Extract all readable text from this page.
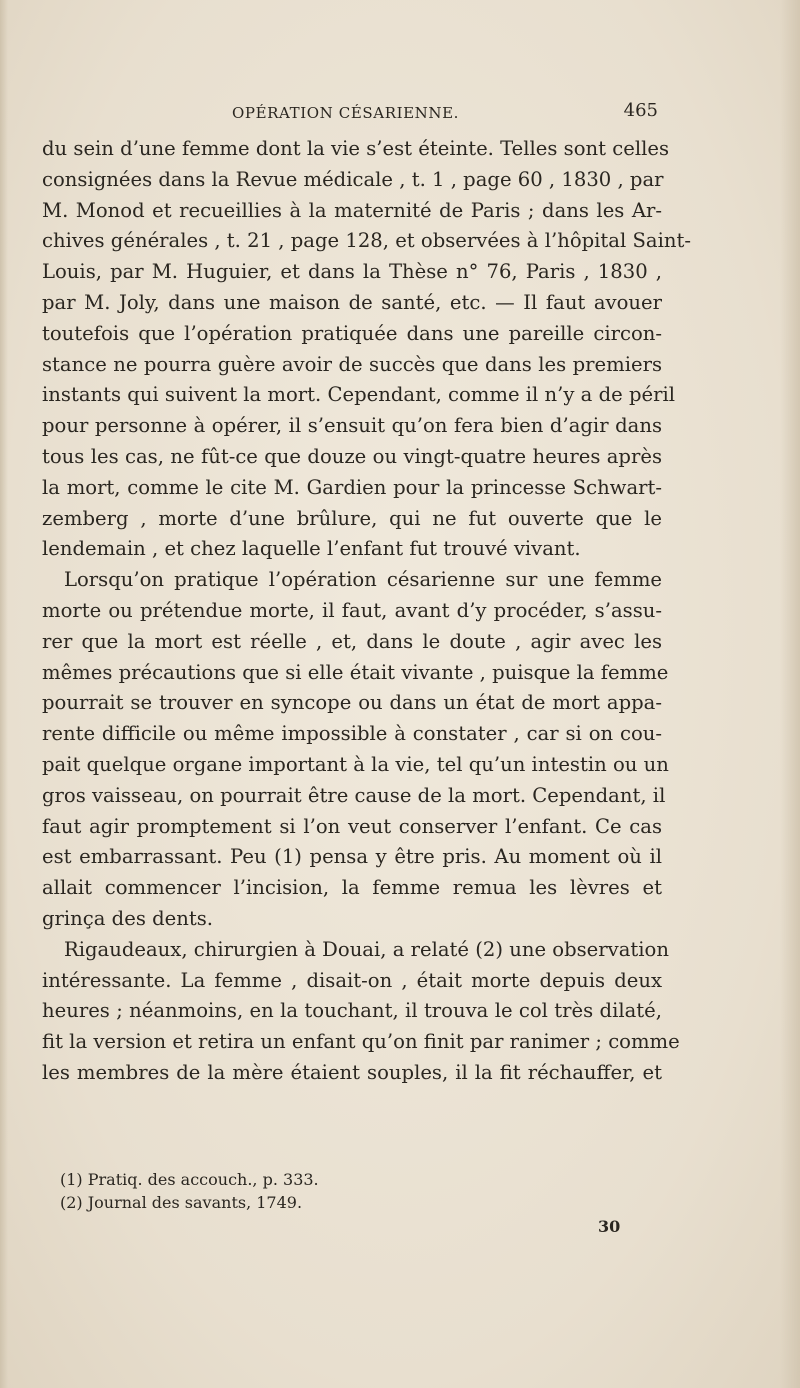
OPÉRATION CÉSARIENNE.	465
du sein d’une femme dont la vie s’est éteinte. Telles sont celles
consignées dans la Revue médicale , t. 1 , page 60 , 1830 , par
M. Monod et recueillies à la maternité de Paris ; dans les Ar-
chives générales , t. 21 , page 128, et observées à l’hôpital Saint-
Louis, par M. Huguier, et dans la Thèse n° 76, Paris , 1830 ,
par M. Joly, dans une maison de santé, etc. — Il faut avouer
toutefois que l’opération pratiquée dans une pareille circon-
stance ne pourra guère avoir de succès que dans les premiers
instants qui suivent la mort. Cependant, comme il n’y a de péril
pour personne à opérer, il s’ensuit qu’on fera bien d’agir dans
tous les cas, ne fût-ce que douze ou vingt-quatre heures après
la mort, comme le cite M. Gardien pour la princesse Schwart-
zemberg , morte d’une brûlure, qui ne fut ouverte que le
lendemain , et chez laquelle l’enfant fut trouvé vivant.
Lorsqu’on pratique l’opération césarienne sur une femme
morte ou prétendue morte, il faut, avant d’y procéder, s’assu-
rer que la mort est réelle , et, dans le doute , agir avec les
mêmes précautions que si elle était vivante , puisque la femme
pourrait se trouver en syncope ou dans un état de mort appa-
rente difficile ou même impossible à constater , car si on cou-
pait quelque organe important à la vie, tel qu’un intestin ou un
gros vaisseau, on pourrait être cause de la mort. Cependant, il
faut agir promptement si l’on veut conserver l’enfant. Ce cas
est embarrassant. Peu (1) pensa y être pris. Au moment où il
allait commencer l’incision, la femme remua les lèvres et
grinça des dents.
Rigaudeaux, chirurgien à Douai, a relaté (2) une observation
intéressante. La femme , disait-on , était morte depuis deux
heures ; néanmoins, en la touchant, il trouva le col très dilaté,
fit la version et retira un enfant qu’on finit par ranimer ; comme
les membres de la mère étaient souples, il la fit réchauffer, et
(1) Pratiq. des accouch., p. 333.
(2) Journal des savants, 1749.
30
